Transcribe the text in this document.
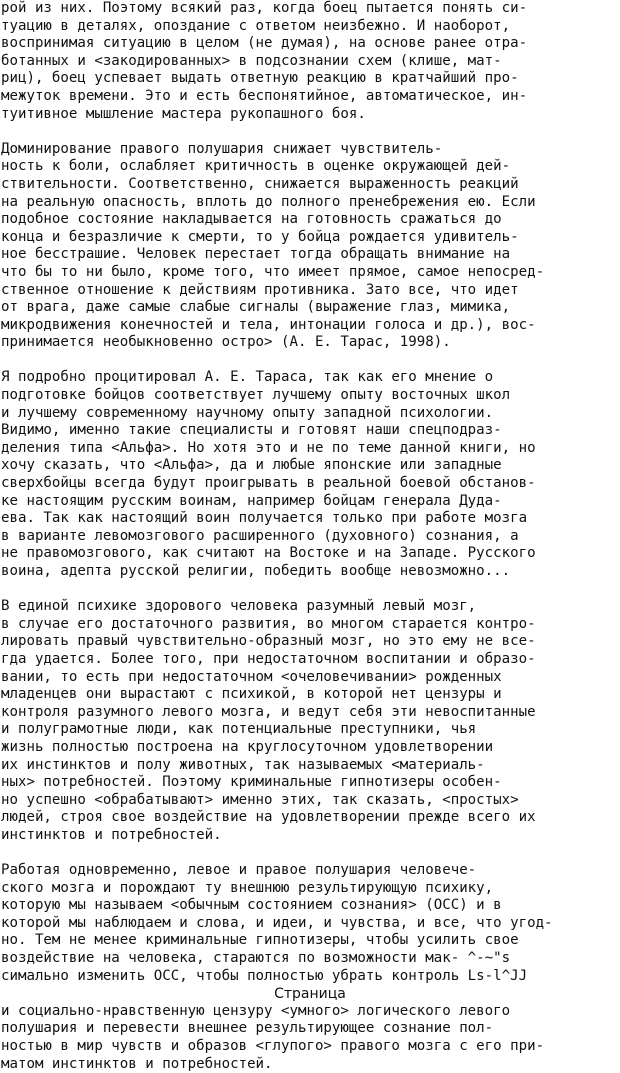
рой из них. Поэтому всякий раз, когда боец пытается понять си-
туацию в деталях, опоздание с ответом неизбежно. И наоборот,
воспринимая ситуацию в целом (не думая), на основе ранее отра-
ботанных и <закодированных> в подсознании схем (клише, мат-
риц), боец успевает выдать ответную реакцию в кратчайший про-
межуток времени. Это и есть беспонятийное, автоматическое, ин-
туитивное мышление мастера рукопашного боя.
Доминирование правого полушария снижает чувствитель-
ность к боли, ослабляет критичность в оценке окружающей дей-
ствительности. Соответственно, снижается выраженность реакций
на реальную опасность, вплоть до полного пренебрежения ею. Если
подобное состояние накладывается на готовность сражаться до
конца и безразличие к смерти, то у бойца рождается удивитель-
ное бесстрашие. Человек перестает тогда обращать внимание на
что бы то ни было, кроме того, что имеет прямое, самое непосред-
ственное отношение к действиям противника. Зато все, что идет
от врага, даже самые слабые сигналы (выражение глаз, мимика,
микродвижения конечностей и тела, интонации голоса и др.), вос-
принимается необыкновенно остро> (А. Е. Тарас, 1998).
Я подробно процитировал А. Е. Тараса, так как его мнение о
подготовке бойцов соответствует лучшему опыту восточных школ
и лучшему современному научному опыту западной психологии.
Видимо, именно такие специалисты и готовят наши спецподраз-
деления типа <Альфа>. Но хотя это и не по теме данной книги, но
хочу сказать, что <Альфа>, да и любые японские или западные
сверхбойцы всегда будут проигрывать в реальной боевой обстанов-
ке настоящим русским воинам, например бойцам генерала Дуда-
ева. Так как настоящий воин получается только при работе мозга
в варианте левомозгового расширенного (духовного) сознания, а
не правомозгового, как считают на Востоке и на Западе. Русского
воина, адепта русской религии, победить вообще невозможно...
В единой психике здорового человека разумный левый мозг,
в случае его достаточного развития, во многом старается контро-
лировать правый чувствительно-образный мозг, но это ему не все-
гда удается. Более того, при недостаточном воспитании и образо-
вании, то есть при недостаточном <очеловечивании> рожденных
младенцев они вырастают с психикой, в которой нет цензуры и
контроля разумного левого мозга, и ведут себя эти невоспитанные
и полуграмотные люди, как потенциальные преступники, чья
жизнь полностью построена на круглосуточном удовлетворении
их инстинктов и полу животных, так называемых <материаль-
ных> потребностей. Поэтому криминальные гипнотизеры особен-
но успешно <обрабатывают> именно этих, так сказать, <простых>
людей, строя свое воздействие на удовлетворении прежде всего их
инстинктов и потребностей.
Работая одновременно, левое и правое полушария человече-
ского мозга и порождают ту внешнюю результирующую психику,
которую мы называем <обычным состоянием сознания> (ОСС) и в
которой мы наблюдаем и слова, и идеи, и чувства, и все, что угод-
но. Тем не менее криминальные гипнотизеры, чтобы усилить свое
воздействие на человека, стараются по возможности мак- ^-~"s
симально изменить ОСС, чтобы полностью убрать контроль Ls-l^JJ
и социально-нравственную цензуру <умного> логического левого
полушария и перевести внешнее результирующее сознание пол-
ностью в мир чувств и образов <глупого> правого мозга с его при-
матом инстинктов и потребностей.
Страница
